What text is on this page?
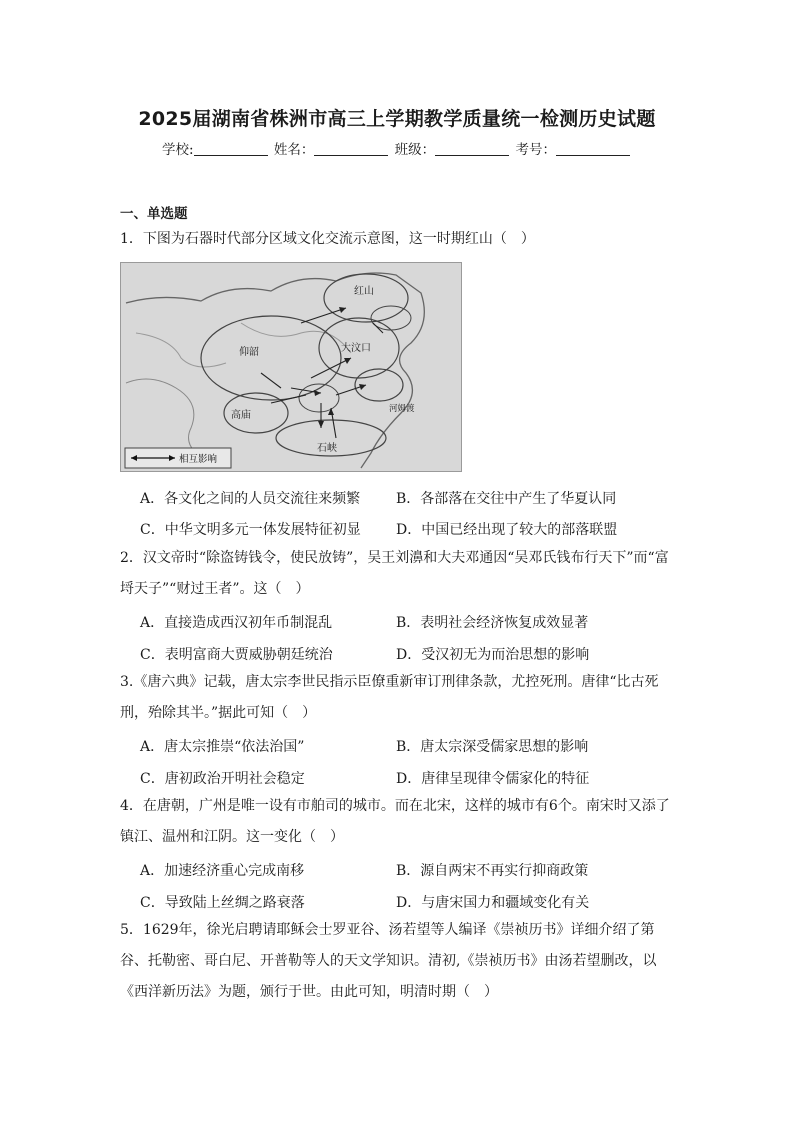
2025届湖南省株洲市高三上学期教学质量统一检测历史试题
学校:	姓名：	班级：	考号：
一、单选题
1．下图为石器时代部分区域文化交流示意图，这一时期红山（　）
红山
仰韶	大汶口
高庙
石峡
河姆渡
相互影响
A．各文化之间的人员交流往来频繁	B．各部落在交往中产生了华夏认同
C．中华文明多元一体发展特征初显	D．中国已经出现了较大的部落联盟
2．汉文帝时“除盗铸钱令，使民放铸”，吴王刘濞和大夫邓通因“吴邓氏钱布行天下”而“富埒天子”“财过王者”。这（　）
A．直接造成西汉初年币制混乱	B．表明社会经济恢复成效显著
C．表明富商大贾威胁朝廷统治	D．受汉初无为而治思想的影响
3.《唐六典》记载，唐太宗李世民指示臣僚重新审订刑律条款，尤控死刑。唐律“比古死刑，殆除其半。”据此可知（　）
A．唐太宗推崇“依法治国”	B．唐太宗深受儒家思想的影响
C．唐初政治开明社会稳定	D．唐律呈现律令儒家化的特征
4．在唐朝，广州是唯一设有市舶司的城市。而在北宋，这样的城市有6个。南宋时又添了镇江、温州和江阴。这一变化（　）
A．加速经济重心完成南移	B．源自两宋不再实行抑商政策
C．导致陆上丝绸之路衰落	D．与唐宋国力和疆域变化有关
5．1629年，徐光启聘请耶稣会士罗亚谷、汤若望等人编译《崇祯历书》详细介绍了第谷、托勒密、哥白尼、开普勒等人的天文学知识。清初,《崇祯历书》由汤若望删改，以《西洋新历法》为题，颁行于世。由此可知，明清时期（　）
